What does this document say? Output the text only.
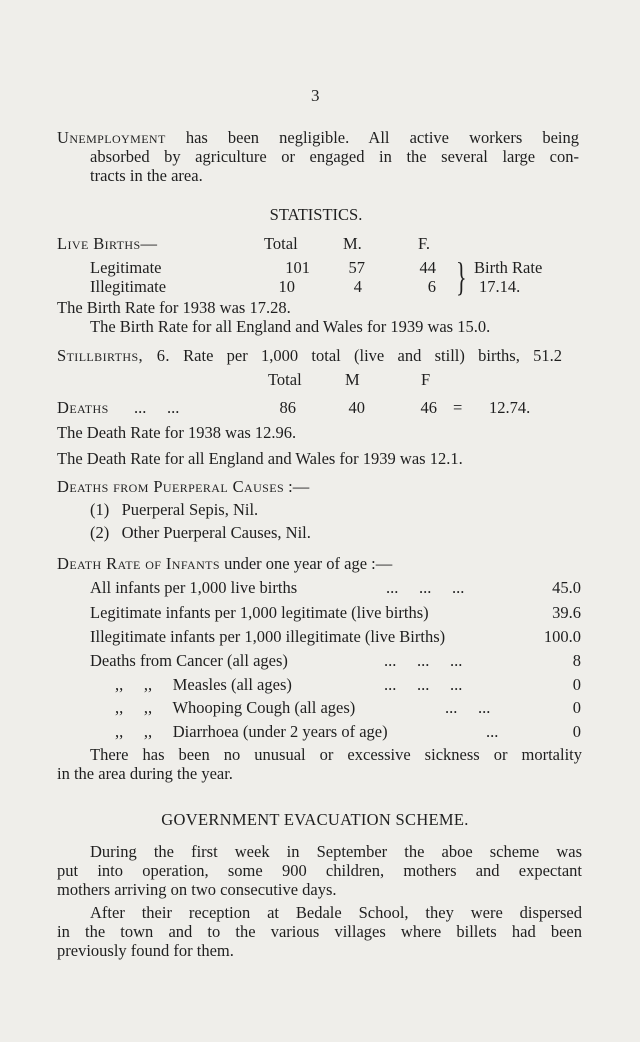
3
Unemployment has been negligible. All active workers being
absorbed by agriculture or engaged in the several large con-
tracts in the area.
STATISTICS.
Live Births—	Total	M.	F.
Legitimate	101	57	44
Illegitimate	10	4	6 } Birth Rate
17.14.
The Birth Rate for 1938 was 17.28.
The Birth Rate for all England and Wales for 1939 was 15.0.
Stillbirths, 6. Rate per 1,000 total (live and still) births, 51.2
Total	M	F
Deaths ...     ...	86	40	46 = 12.74.
The Death Rate for 1938 was 12.96.
The Death Rate for all England and Wales for 1939 was 12.1.
Deaths from Puerperal Causes :—
(1)   Puerperal Sepis, Nil.
(2)   Other Puerperal Causes, Nil.
Death Rate of Infants under one year of age :—
All infants per 1,000 live births	...     ...     ...	45.0
Legitimate infants per 1,000 legitimate (live births)	39.6
Illegitimate infants per 1,000 illegitimate (live Births)	100.0
Deaths from Cancer (all ages)	...     ...     ...	8
,,     ,,     Measles (all ages)	...     ...     ...	0
,,     ,,     Whooping Cough (all ages)	...     ...	0
,,     ,,     Diarrhoea (under 2 years of age)	...	0
There has been no unusual or excessive sickness or mortality
in the area during the year.
GOVERNMENT EVACUATION SCHEME.
During the first week in September the aboe scheme was
put into operation, some 900 children, mothers and expectant
mothers arriving on two consecutive days.
After their reception at Bedale School, they were dispersed
in the town and to the various villages where billets had been
previously found for them.
